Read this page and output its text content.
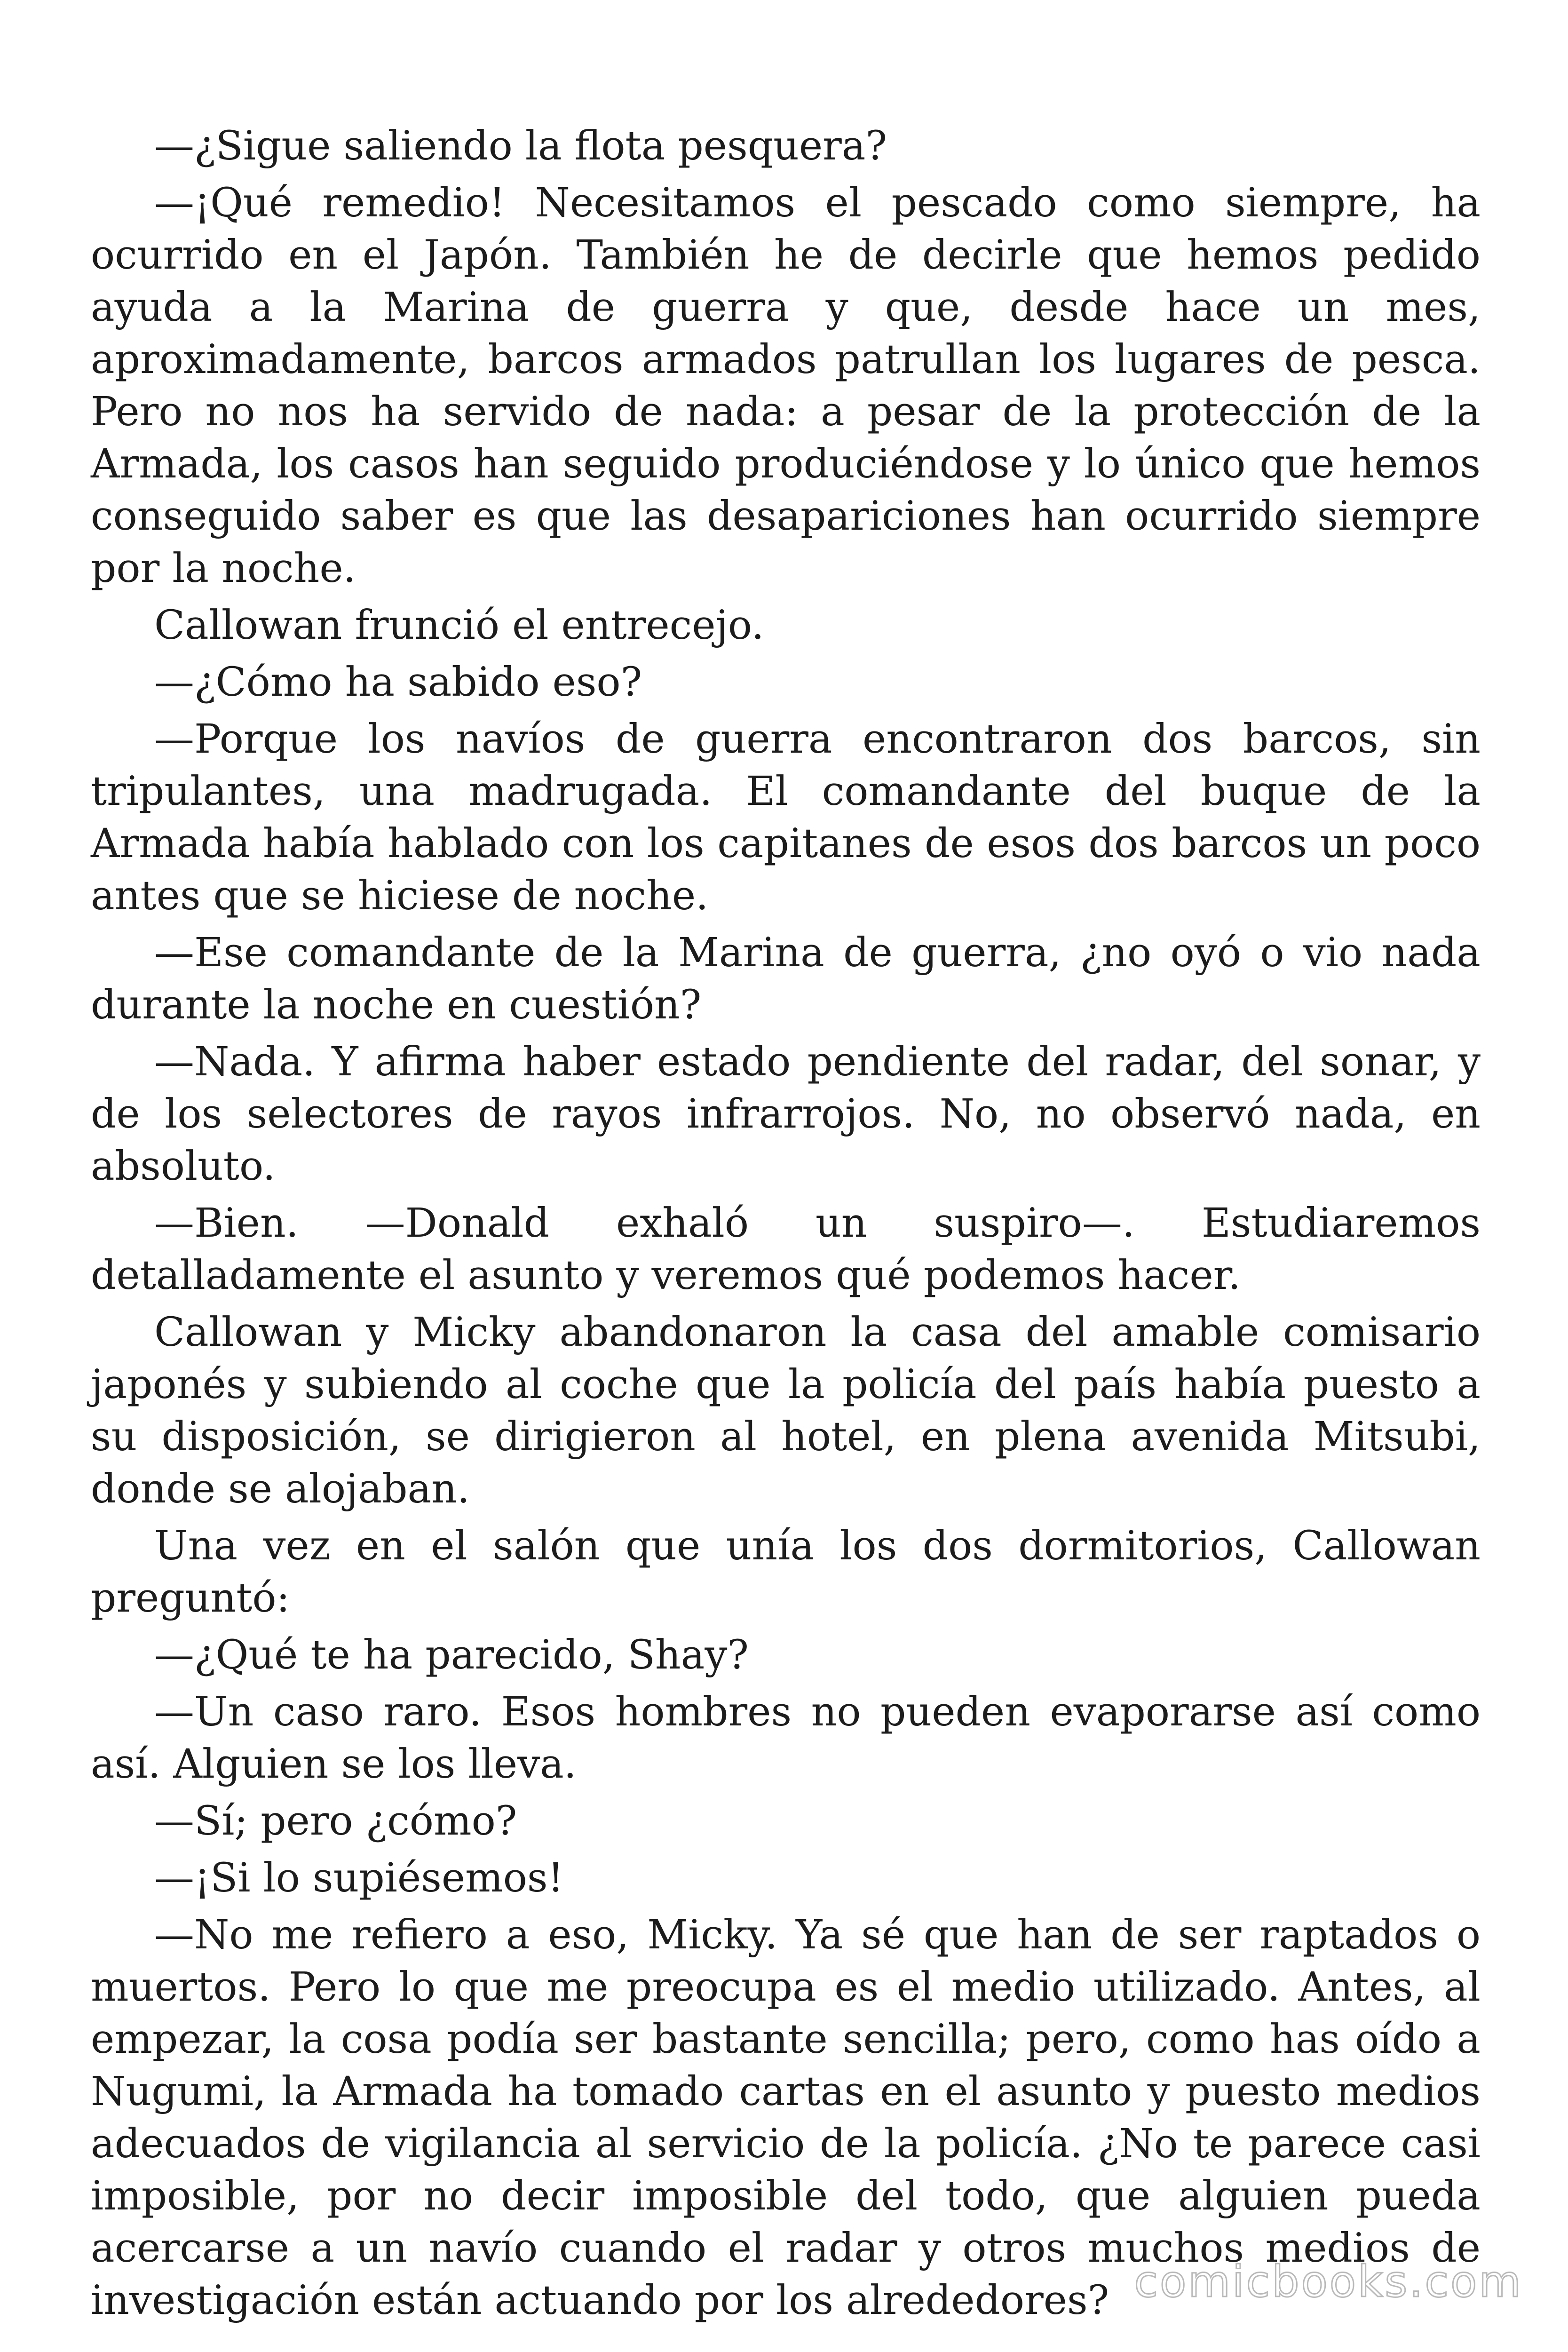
—¿Sigue saliendo la flota pesquera?

—¡Qué remedio! Necesitamos el pescado como siempre, ha ocurrido en el Japón. También he de decirle que hemos pedido ayuda a la Marina de guerra y que, desde hace un mes, aproximadamente, barcos armados patrullan los lugares de pesca. Pero no nos ha servido de nada: a pesar de la protección de la Armada, los casos han seguido produciéndose y lo único que hemos conseguido saber es que las desapariciones han ocurrido siempre por la noche.

Callowan frunció el entrecejo.

—¿Cómo ha sabido eso?

—Porque los navíos de guerra encontraron dos barcos, sin tripulantes, una madrugada. El comandante del buque de la Armada había hablado con los capitanes de esos dos barcos un poco antes que se hiciese de noche.

—Ese comandante de la Marina de guerra, ¿no oyó o vio nada durante la noche en cuestión?

—Nada. Y afirma haber estado pendiente del radar, del sonar, y de los selectores de rayos infrarrojos. No, no observó nada, en absoluto.

—Bien. —Donald exhaló un suspiro—. Estudiaremos detalladamente el asunto y veremos qué podemos hacer.

Callowan y Micky abandonaron la casa del amable comisario japonés y subiendo al coche que la policía del país había puesto a su disposición, se dirigieron al hotel, en plena avenida Mitsubi, donde se alojaban.

Una vez en el salón que unía los dos dormitorios, Callowan preguntó:

—¿Qué te ha parecido, Shay?

—Un caso raro. Esos hombres no pueden evaporarse así como así. Alguien se los lleva.

—Sí; pero ¿cómo?

—¡Si lo supiésemos!

—No me refiero a eso, Micky. Ya sé que han de ser raptados o muertos. Pero lo que me preocupa es el medio utilizado. Antes, al empezar, la cosa podía ser bastante sencilla; pero, como has oído a Nugumi, la Armada ha tomado cartas en el asunto y puesto medios adecuados de vigilancia al servicio de la policía. ¿No te parece casi imposible, por no decir imposible del todo, que alguien pueda acercarse a un navío cuando el radar y otros muchos medios de investigación están actuando por los alrededores? comicbooks.com
